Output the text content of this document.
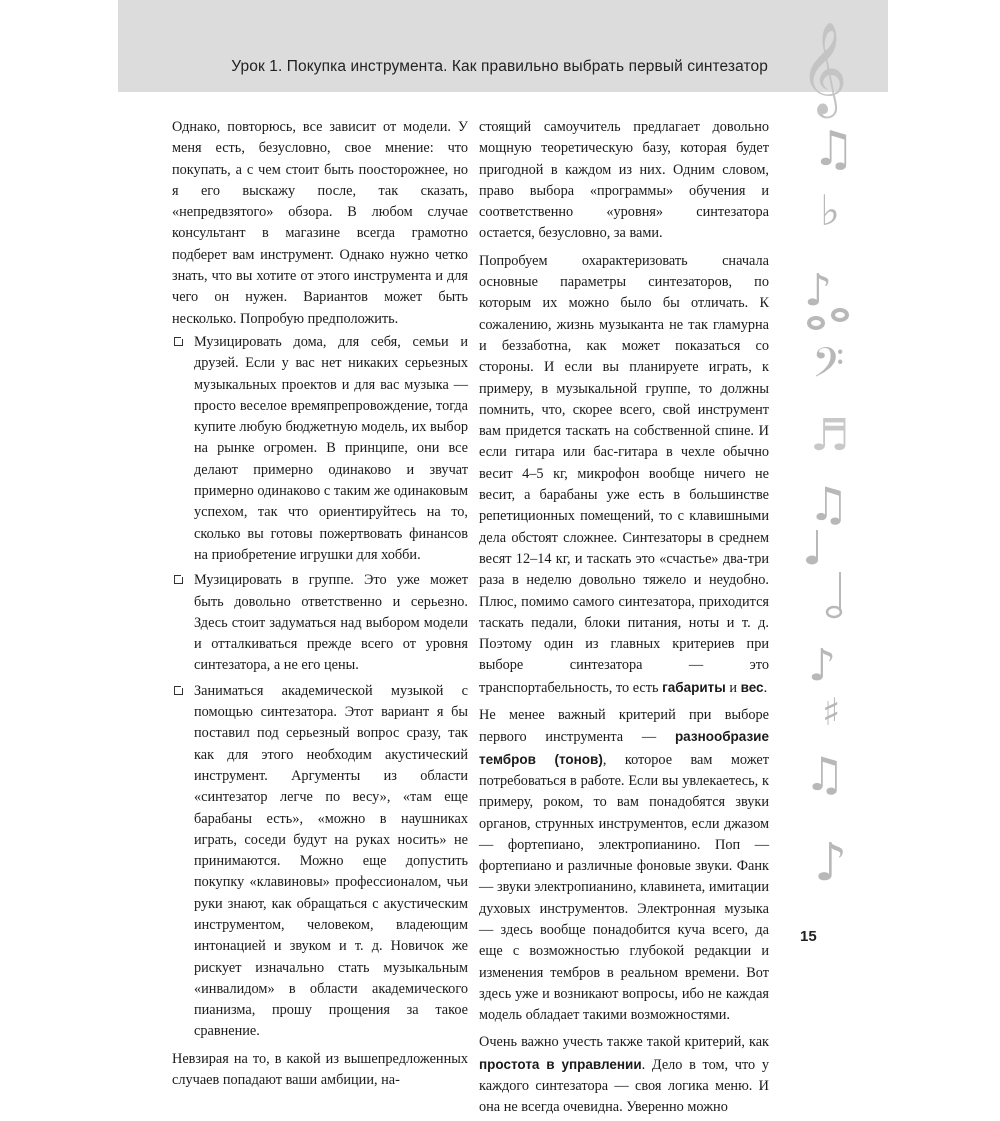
Урок 1. Покупка инструмента. Как правильно выбрать первый синтезатор

Однако, повторюсь, все зависит от модели. У меня есть, безусловно, свое мнение: что покупать, а с чем стоит быть поосторожнее, но я его выскажу после, так сказать, «непредвзятого» обзора. В любом случае консультант в магазине всегда грамотно подберет вам инструмент. Однако нужно четко знать, что вы хотите от этого инструмента и для чего он нужен. Вариантов может быть несколько. Попробую предположить.

Музицировать дома, для себя, семьи и друзей. Если у вас нет никаких серьезных музыкальных проектов и для вас музыка — просто веселое времяпрепровождение, тогда купите любую бюджетную модель, их выбор на рынке огромен. В принципе, они все делают примерно одинаково и звучат примерно одинаково с таким же одинаковым успехом, так что ориентируйтесь на то, сколько вы готовы пожертвовать финансов на приобретение игрушки для хобби.
Музицировать в группе. Это уже может быть довольно ответственно и серьезно. Здесь стоит задуматься над выбором модели и отталкиваться прежде всего от уровня синтезатора, а не его цены.
Заниматься академической музыкой с помощью синтезатора. Этот вариант я бы поставил под серьезный вопрос сразу, так как для этого необходим акустический инструмент. Аргументы из области «синтезатор легче по весу», «там еще барабаны есть», «можно в наушниках играть, соседи будут на руках носить» не принимаются. Можно еще допустить покупку «клавиновы» профессионалом, чьи руки знают, как обращаться с акустическим инструментом, человеком, владеющим интонацией и звуком и т. д. Новичок же рискует изначально стать музыкальным «инвалидом» в области академического пианизма, прошу прощения за такое сравнение.

Невзирая на то, в какой из вышепредложенных случаев попадают ваши амбиции, на-

стоящий самоучитель предлагает довольно мощную теоретическую базу, которая будет пригодной в каждом из них. Одним словом, право выбора «программы» обучения и соответственно «уровня» синтезатора остается, безусловно, за вами.

Попробуем охарактеризовать сначала основные параметры синтезаторов, по которым их можно было бы отличать. К сожалению, жизнь музыканта не так гламурна и беззаботна, как может показаться со стороны. И если вы планируете играть, к примеру, в музыкальной группе, то должны помнить, что, скорее всего, свой инструмент вам придется таскать на собственной спине. И если гитара или бас-гитара в чехле обычно весит 4–5 кг, микрофон вообще ничего не весит, а барабаны уже есть в большинстве репетиционных помещений, то с клавишными дела обстоят сложнее. Синтезаторы в среднем весят 12–14 кг, и таскать это «счастье» два-три раза в неделю довольно тяжело и неудобно. Плюс, помимо самого синтезатора, приходится таскать педали, блоки питания, ноты и т. д. Поэтому один из главных критериев при выборе синтезатора — это транспортабельность, то есть габариты и вес.

Не менее важный критерий при выборе первого инструмента — разнообразие тембров (тонов), которое вам может потребоваться в работе. Если вы увлекаетесь, к примеру, роком, то вам понадобятся звуки органов, струнных инструментов, если джазом — фортепиано, электропианино. Поп — фортепиано и различные фоновые звуки. Фанк — звуки электропианино, клавинета, имитации духовых инструментов. Электронная музыка — здесь вообще понадобится куча всего, да еще с возможностью глубокой редакции и изменения тембров в реальном времени. Вот здесь уже и возникают вопросы, ибо не каждая модель обладает такими возможностями.

Очень важно учесть также такой критерий, как простота в управлении. Дело в том, что у каждого синтезатора — своя логика меню. И она не всегда очевидна. Уверенно можно

15
𝄞
♫
♭
♪
𝄢
♬
♫
♪
♯
♫
♪
